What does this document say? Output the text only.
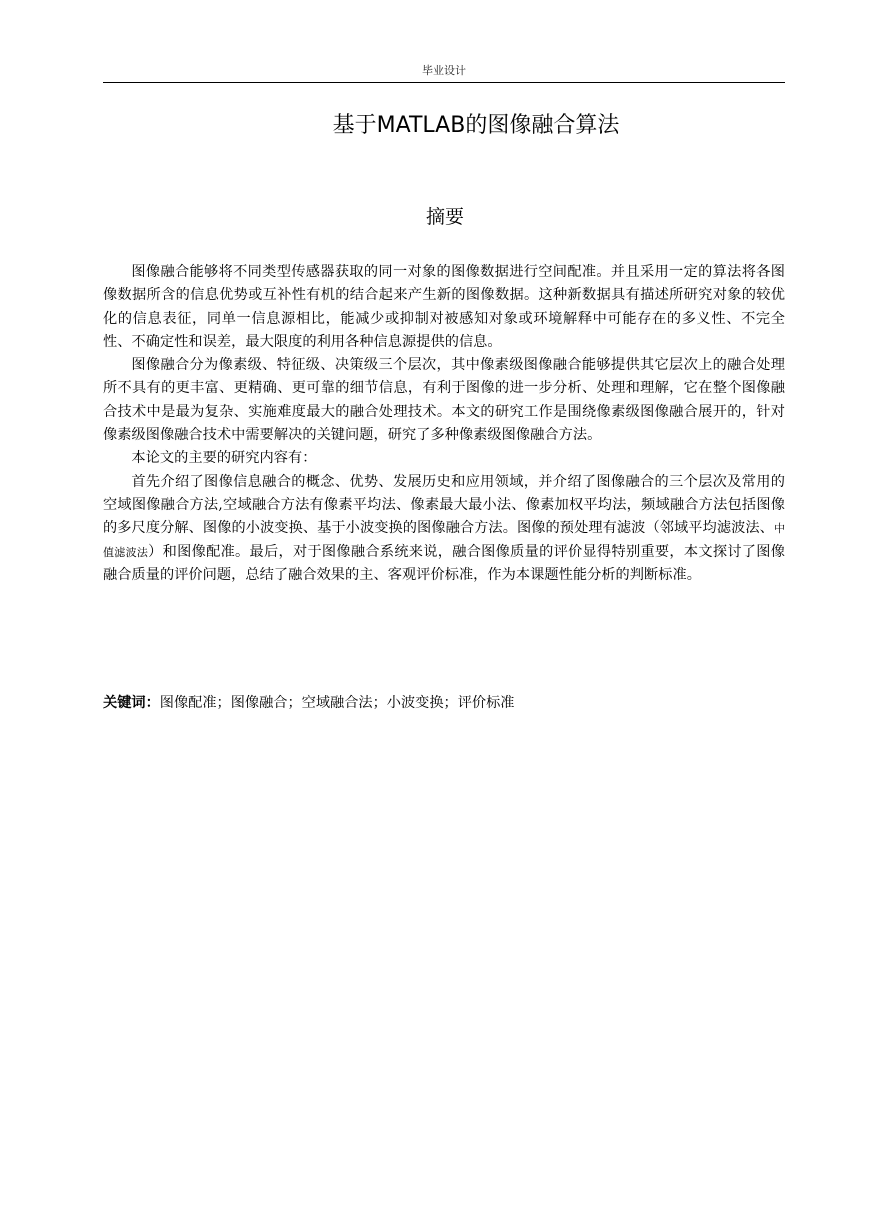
毕业设计
基于MATLAB的图像融合算法
摘要

图像融合能够将不同类型传感器获取的同一对象的图像数据进行空间配准。并且采用一定的算法将各图像数据所含的信息优势或互补性有机的结合起来产生新的图像数据。这种新数据具有描述所研究对象的较优化的信息表征，同单一信息源相比，能减少或抑制对被感知对象或环境解释中可能存在的多义性、不完全性、不确定性和误差，最大限度的利用各种信息源提供的信息。

图像融合分为像素级、特征级、决策级三个层次，其中像素级图像融合能够提供其它层次上的融合处理所不具有的更丰富、更精确、更可靠的细节信息，有利于图像的进一步分析、处理和理解，它在整个图像融合技术中是最为复杂、实施难度最大的融合处理技术。本文的研究工作是围绕像素级图像融合展开的，针对像素级图像融合技术中需要解决的关键问题，研究了多种像素级图像融合方法。

本论文的主要的研究内容有：

首先介绍了图像信息融合的概念、优势、发展历史和应用领域，并介绍了图像融合的三个层次及常用的空域图像融合方法,空域融合方法有像素平均法、像素最大最小法、像素加权平均法，频域融合方法包括图像的多尺度分解、图像的小波变换、基于小波变换的图像融合方法。图像的预处理有滤波（邻域平均滤波法、中值滤波法）和图像配准。最后，对于图像融合系统来说，融合图像质量的评价显得特别重要，本文探讨了图像融合质量的评价问题，总结了融合效果的主、客观评价标准，作为本课题性能分析的判断标准。

关键词：图像配准；图像融合；空域融合法；小波变换；评价标准
